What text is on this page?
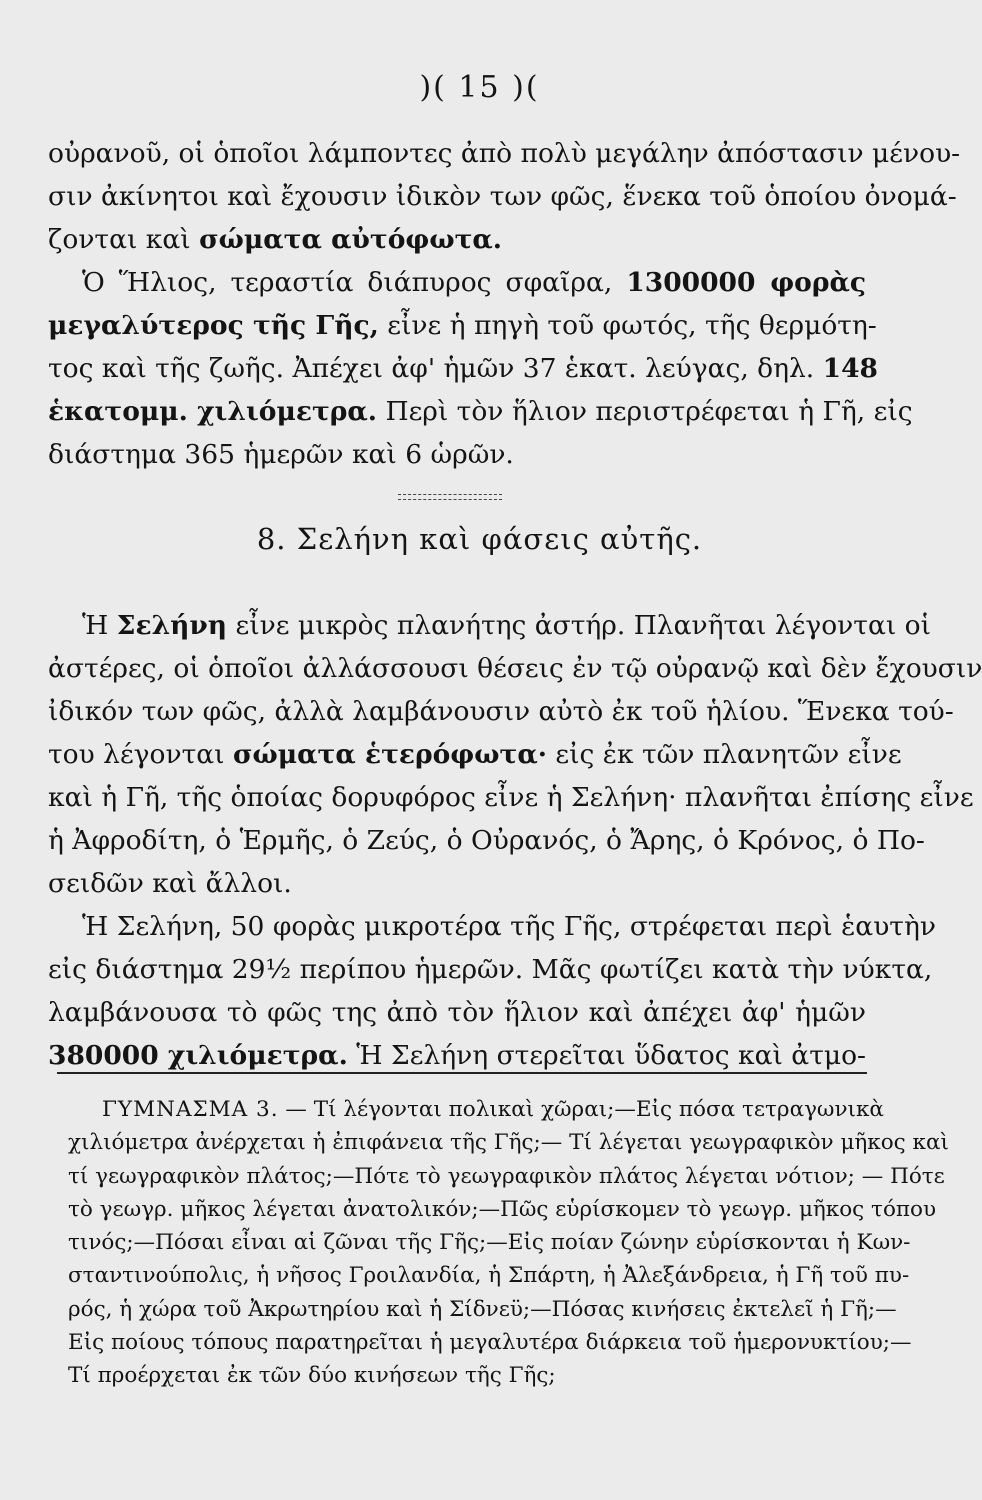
)( 15 )(
οὐρανοῦ, οἱ ὁποῖοι λάμποντες ἀπὸ πολὺ μεγάλην ἀπόστασιν μένου-
σιν ἀκίνητοι καὶ ἔχουσιν ἰδικὸν των φῶς, ἕνεκα τοῦ ὁποίου ὀνομά-
ζονται καὶ σώματα αὐτόφωτα.
Ὁ Ἥλιος, τεραστία διάπυρος σφαῖρα, 1300000 φορὰς
μεγαλύτερος τῆς Γῆς, εἶνε ἡ πηγὴ τοῦ φωτός, τῆς θερμότη-
τος καὶ τῆς ζωῆς. Ἀπέχει ἀφ' ἡμῶν 37 ἑκατ. λεύγας, δηλ. 148
ἑκατομμ. χιλιόμετρα. Περὶ τὸν ἥλιον περιστρέφεται ἡ Γῆ, εἰς
διάστημα 365 ἡμερῶν καὶ 6 ὡρῶν.
8. Σελήνη καὶ φάσεις αὐτῆς.
Ἡ Σελήνη εἶνε μικρὸς πλανήτης ἀστήρ. Πλανῆται λέγονται οἱ
ἀστέρες, οἱ ὁποῖοι ἀλλάσσουσι θέσεις ἐν τῷ οὐρανῷ καὶ δὲν ἔχουσιν
ἰδικόν των φῶς, ἀλλὰ λαμβάνουσιν αὐτὸ ἐκ τοῦ ἡλίου. Ἕνεκα τού-
του λέγονται σώματα ἑτερόφωτα· εἰς ἐκ τῶν πλανητῶν εἶνε
καὶ ἡ Γῆ, τῆς ὁποίας δορυφόρος εἶνε ἡ Σελήνη· πλανῆται ἐπίσης εἶνε
ἡ Ἀφροδίτη, ὁ Ἑρμῆς, ὁ Ζεύς, ὁ Οὐρανός, ὁ Ἄρης, ὁ Κρόνος, ὁ Πο-
σειδῶν καὶ ἄλλοι.
Ἡ Σελήνη, 50 φορὰς μικροτέρα τῆς Γῆς, στρέφεται περὶ ἑαυτὴν
εἰς διάστημα 29½ περίπου ἡμερῶν. Μᾶς φωτίζει κατὰ τὴν νύκτα,
λαμβάνουσα τὸ φῶς της ἀπὸ τὸν ἥλιον καὶ ἀπέχει ἀφ' ἡμῶν
380000 χιλιόμετρα. Ἡ Σελήνη στερεῖται ὕδατος καὶ ἀτμο-
ΓΥΜΝΑΣΜΑ 3. — Τί λέγονται πολικαὶ χῶραι;—Εἰς πόσα τετραγωνικὰ
χιλιόμετρα ἀνέρχεται ἡ ἐπιφάνεια τῆς Γῆς;— Τί λέγεται γεωγραφικὸν μῆκος καὶ
τί γεωγραφικὸν πλάτος;—Πότε τὸ γεωγραφικὸν πλάτος λέγεται νότιον; — Πότε
τὸ γεωγρ. μῆκος λέγεται ἀνατολικόν;—Πῶς εὑρίσκομεν τὸ γεωγρ. μῆκος τόπου
τινός;—Πόσαι εἶναι αἱ ζῶναι τῆς Γῆς;—Εἰς ποίαν ζώνην εὑρίσκονται ἡ Κων-
σταντινούπολις, ἡ νῆσος Γροιλανδία, ἡ Σπάρτη, ἡ Ἀλεξάνδρεια, ἡ Γῆ τοῦ πυ-
ρός, ἡ χώρα τοῦ Ἀκρωτηρίου καὶ ἡ Σίδνεϋ;—Πόσας κινήσεις ἐκτελεῖ ἡ Γῆ;—
Εἰς ποίους τόπους παρατηρεῖται ἡ μεγαλυτέρα διάρκεια τοῦ ἡμερονυκτίου;—
Τί προέρχεται ἐκ τῶν δύο κινήσεων τῆς Γῆς;
